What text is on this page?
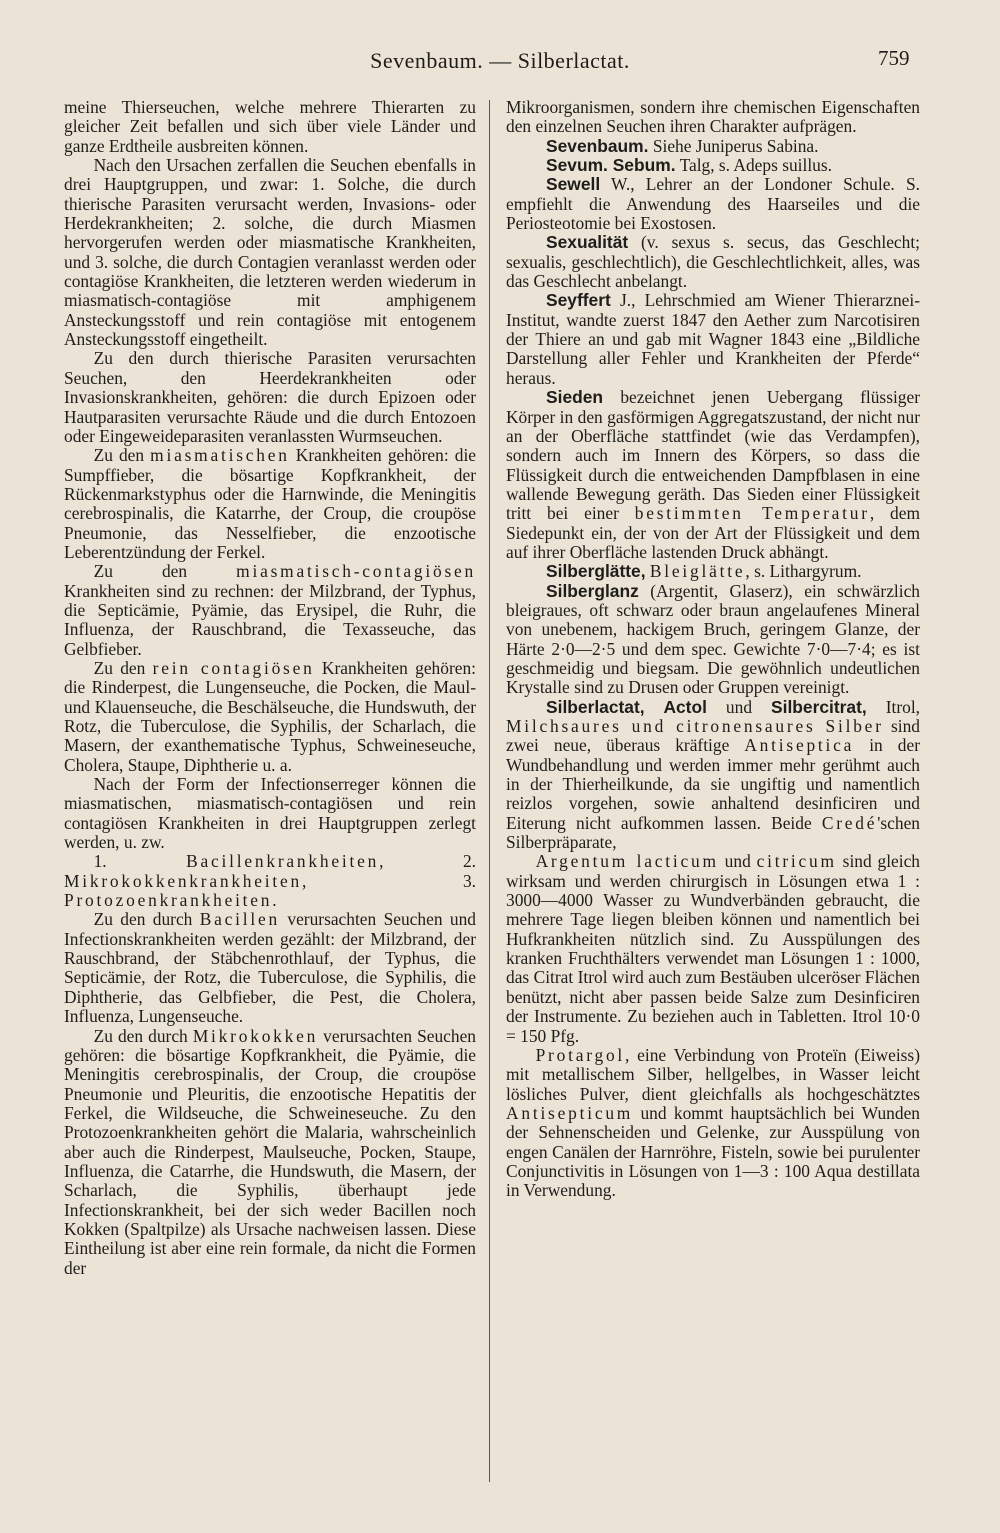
Sevenbaum. — Silberlactat.	759

meine Thierseuchen, welche mehrere Thierarten zu gleicher Zeit befallen und sich über viele Länder und ganze Erdtheile ausbreiten können.

Nach den Ursachen zerfallen die Seuchen ebenfalls in drei Hauptgruppen, und zwar: 1. Solche, die durch thierische Parasiten verursacht werden, Invasions- oder Herdekrankheiten; 2. solche, die durch Miasmen hervorgerufen werden oder miasmatische Krankheiten, und 3. solche, die durch Contagien veranlasst werden oder contagiöse Krankheiten, die letzteren werden wiederum in miasmatisch-contagiöse mit amphigenem Ansteckungsstoff und rein contagiöse mit entogenem Ansteckungsstoff eingetheilt.

Zu den durch thierische Parasiten verursachten Seuchen, den Heerdekrankheiten oder Invasionskrankheiten, gehören: die durch Epizoen oder Hautparasiten verursachte Räude und die durch Entozoen oder Eingeweideparasiten veranlassten Wurmseuchen.

Zu den miasmatischen Krankheiten gehören: die Sumpffieber, die bösartige Kopfkrankheit, der Rückenmarkstyphus oder die Harnwinde, die Meningitis cerebrospinalis, die Katarrhe, der Croup, die croupöse Pneumonie, das Nesselfieber, die enzootische Leberentzündung der Ferkel.

Zu den miasmatisch-contagiösen Krankheiten sind zu rechnen: der Milzbrand, der Typhus, die Septicämie, Pyämie, das Erysipel, die Ruhr, die Influenza, der Rauschbrand, die Texasseuche, das Gelbfieber.

Zu den rein contagiösen Krankheiten gehören: die Rinderpest, die Lungenseuche, die Pocken, die Maul- und Klauenseuche, die Beschälseuche, die Hundswuth, der Rotz, die Tuberculose, die Syphilis, der Scharlach, die Masern, der exanthematische Typhus, Schweineseuche, Cholera, Staupe, Diphtherie u. a.

Nach der Form der Infectionserreger können die miasmatischen, miasmatisch-contagiösen und rein contagiösen Krankheiten in drei Hauptgruppen zerlegt werden, u. zw.

1. Bacillenkrankheiten, 2. Mikrokokkenkrankheiten, 3. Protozoenkrankheiten.

Zu den durch Bacillen verursachten Seuchen und Infectionskrankheiten werden gezählt: der Milzbrand, der Rauschbrand, der Stäbchenrothlauf, der Typhus, die Septicämie, der Rotz, die Tuberculose, die Syphilis, die Diphtherie, das Gelbfieber, die Pest, die Cholera, Influenza, Lungenseuche.

Zu den durch Mikrokokken verursachten Seuchen gehören: die bösartige Kopfkrankheit, die Pyämie, die Meningitis cerebrospinalis, der Croup, die croupöse Pneumonie und Pleuritis, die enzootische Hepatitis der Ferkel, die Wildseuche, die Schweineseuche. Zu den Protozoenkrankheiten gehört die Malaria, wahrscheinlich aber auch die Rinderpest, Maulseuche, Pocken, Staupe, Influenza, die Catarrhe, die Hundswuth, die Masern, der Scharlach, die Syphilis, überhaupt jede Infectionskrankheit, bei der sich weder Bacillen noch Kokken (Spaltpilze) als Ursache nachweisen lassen. Diese Eintheilung ist aber eine rein formale, da nicht die Formen der

Mikroorganismen, sondern ihre chemischen Eigenschaften den einzelnen Seuchen ihren Charakter aufprägen.

Sevenbaum. Siehe Juniperus Sabina.

Sevum. Sebum. Talg, s. Adeps suillus.

Sewell W., Lehrer an der Londoner Schule. S. empfiehlt die Anwendung des Haarseiles und die Periosteotomie bei Exostosen.

Sexualität (v. sexus s. secus, das Geschlecht; sexualis, geschlechtlich), die Geschlechtlichkeit, alles, was das Geschlecht anbelangt.

Seyffert J., Lehrschmied am Wiener Thierarznei-Institut, wandte zuerst 1847 den Aether zum Narcotisiren der Thiere an und gab mit Wagner 1843 eine „Bildliche Darstellung aller Fehler und Krankheiten der Pferde“ heraus.

Sieden bezeichnet jenen Uebergang flüssiger Körper in den gasförmigen Aggregatszustand, der nicht nur an der Oberfläche stattfindet (wie das Verdampfen), sondern auch im Innern des Körpers, so dass die Flüssigkeit durch die entweichenden Dampfblasen in eine wallende Bewegung geräth. Das Sieden einer Flüssigkeit tritt bei einer bestimmten Temperatur, dem Siedepunkt ein, der von der Art der Flüssigkeit und dem auf ihrer Oberfläche lastenden Druck abhängt.

Silberglätte, Bleiglätte, s. Lithargyrum.

Silberglanz (Argentit, Glaserz), ein schwärzlich bleigraues, oft schwarz oder braun angelaufenes Mineral von unebenem, hackigem Bruch, geringem Glanze, der Härte 2·0—2·5 und dem spec. Gewichte 7·0—7·4; es ist geschmeidig und biegsam. Die gewöhnlich undeutlichen Krystalle sind zu Drusen oder Gruppen vereinigt.

Silberlactat, Actol und Silbercitrat, Itrol, Milchsaures und citronensaures Silber sind zwei neue, überaus kräftige Antiseptica in der Wundbehandlung und werden immer mehr gerühmt auch in der Thierheilkunde, da sie ungiftig und namentlich reizlos vorgehen, sowie anhaltend desinficiren und Eiterung nicht aufkommen lassen. Beide Credé'schen Silberpräparate,

Argentum lacticum und citricum sind gleich wirksam und werden chirurgisch in Lösungen etwa 1 : 3000—4000 Wasser zu Wundverbänden gebraucht, die mehrere Tage liegen bleiben können und namentlich bei Hufkrankheiten nützlich sind. Zu Ausspülungen des kranken Fruchthälters verwendet man Lösungen 1 : 1000, das Citrat Itrol wird auch zum Bestäuben ulceröser Flächen benützt, nicht aber passen beide Salze zum Desinficiren der Instrumente. Zu beziehen auch in Tabletten. Itrol 10·0 = 150 Pfg.

Protargol, eine Verbindung von Proteïn (Eiweiss) mit metallischem Silber, hellgelbes, in Wasser leicht lösliches Pulver, dient gleichfalls als hochgeschätztes Antisepticum und kommt hauptsächlich bei Wunden der Sehnenscheiden und Gelenke, zur Ausspülung von engen Canälen der Harnröhre, Fisteln, sowie bei purulenter Conjunctivitis in Lösungen von 1—3 : 100 Aqua destillata in Verwendung.
